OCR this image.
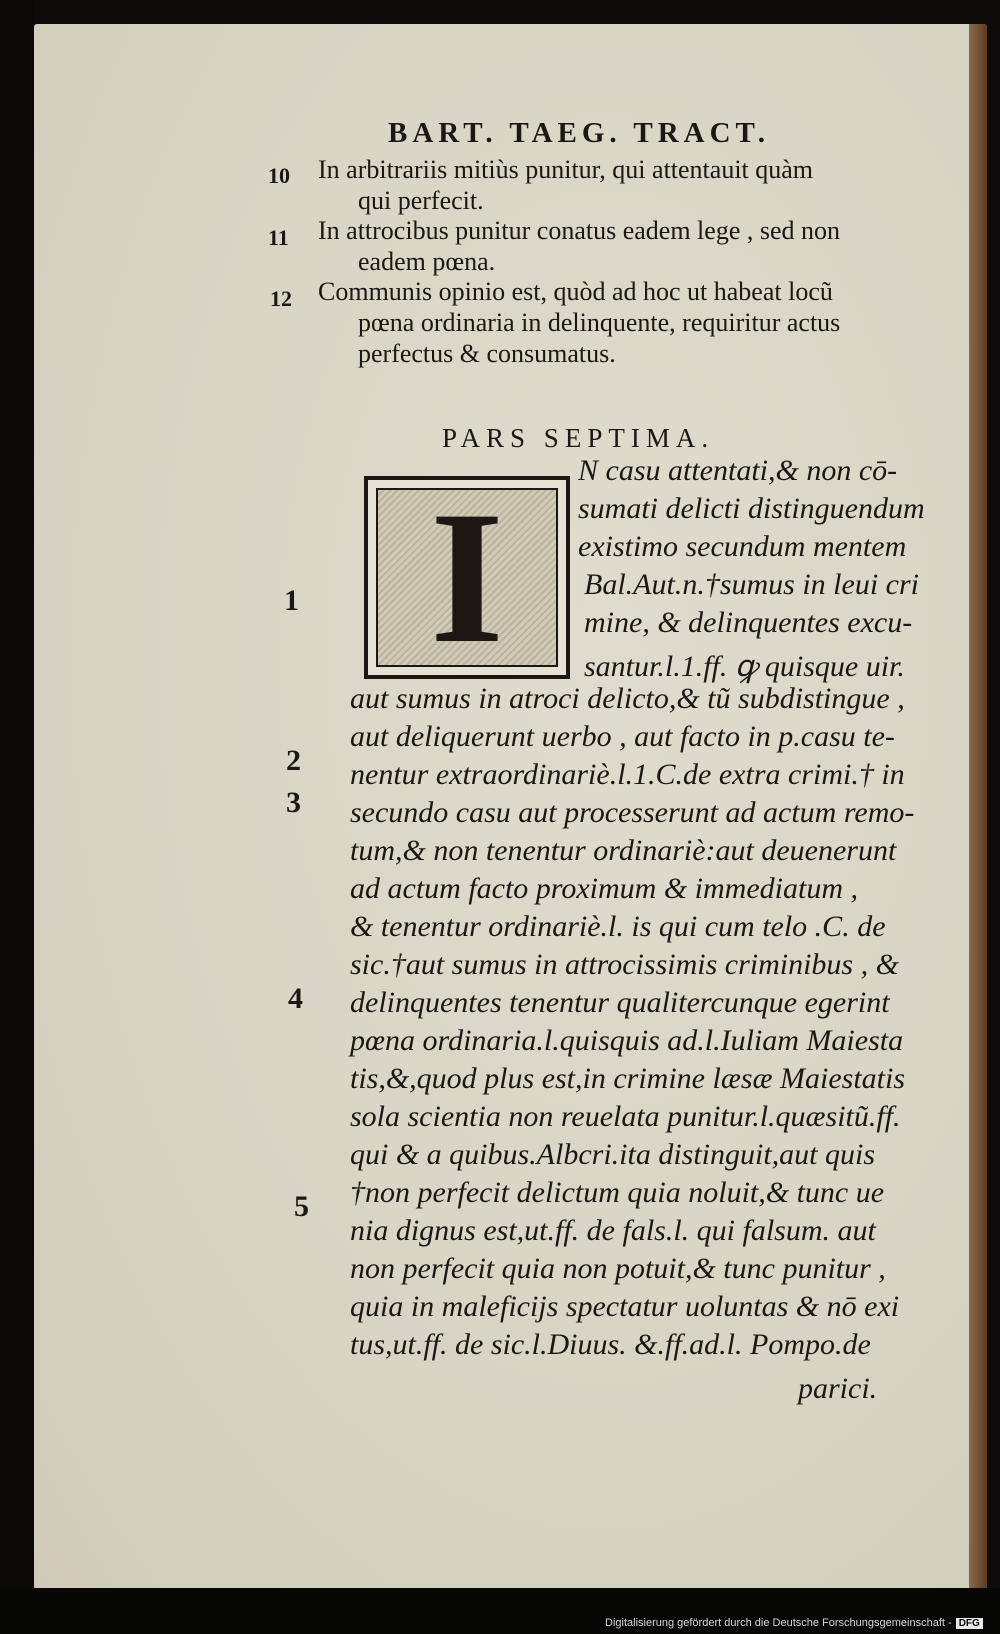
BART. TAEG. TRACT.
10 In arbitrariis mitiùs punitur, qui attentauit quàm
qui perfecit.
11 In attrocibus punitur conatus eadem lege , sed non
eadem pœna.
12 Communis opinio est, quòd ad hoc ut habeat locũ
pœna ordinaria in delinquente, requiritur actus
perfectus & consumatus.
PARS SEPTIMA.
I
N casu attentati,& non cō-
sumati delicti distinguendum
existimo secundum mentem
Bal.Aut.n.†sumus in leui cri
mine, & delinquentes excu-
santur.l.1.ff. ꝙ quisque uir.
aut sumus in atroci delicto,& tũ subdistingue ,
aut deliquerunt uerbo , aut facto in p.casu te-
nentur extraordinariè.l.1.C.de extra crimi.† in
secundo casu aut processerunt ad actum remo-
tum,& non tenentur ordinariè:aut deuenerunt
ad actum facto proximum & immediatum ,
& tenentur ordinariè.l. is qui cum telo .C. de
sic.†aut sumus in attrocissimis criminibus , &
delinquentes tenentur qualitercunque egerint
pœna ordinaria.l.quisquis ad.l.Iuliam Maiesta
tis,&,quod plus est,in crimine læsæ Maiestatis
sola scientia non reuelata punitur.l.quæsitũ.ff.
qui & a quibus.Albcri.ita distinguit,aut quis
†non perfecit delictum quia noluit,& tunc ue
nia dignus est,ut.ff. de fals.l. qui falsum. aut
non perfecit quia non potuit,& tunc punitur ,
quia in maleficijs spectatur uoluntas & nō exi
tus,ut.ff. de sic.l.Diuus. &.ff.ad.l. Pompo.de
parici.
1
2
3
4
5
Digitalisierung gefördert durch die Deutsche Forschungsgemeinschaft - DFG
